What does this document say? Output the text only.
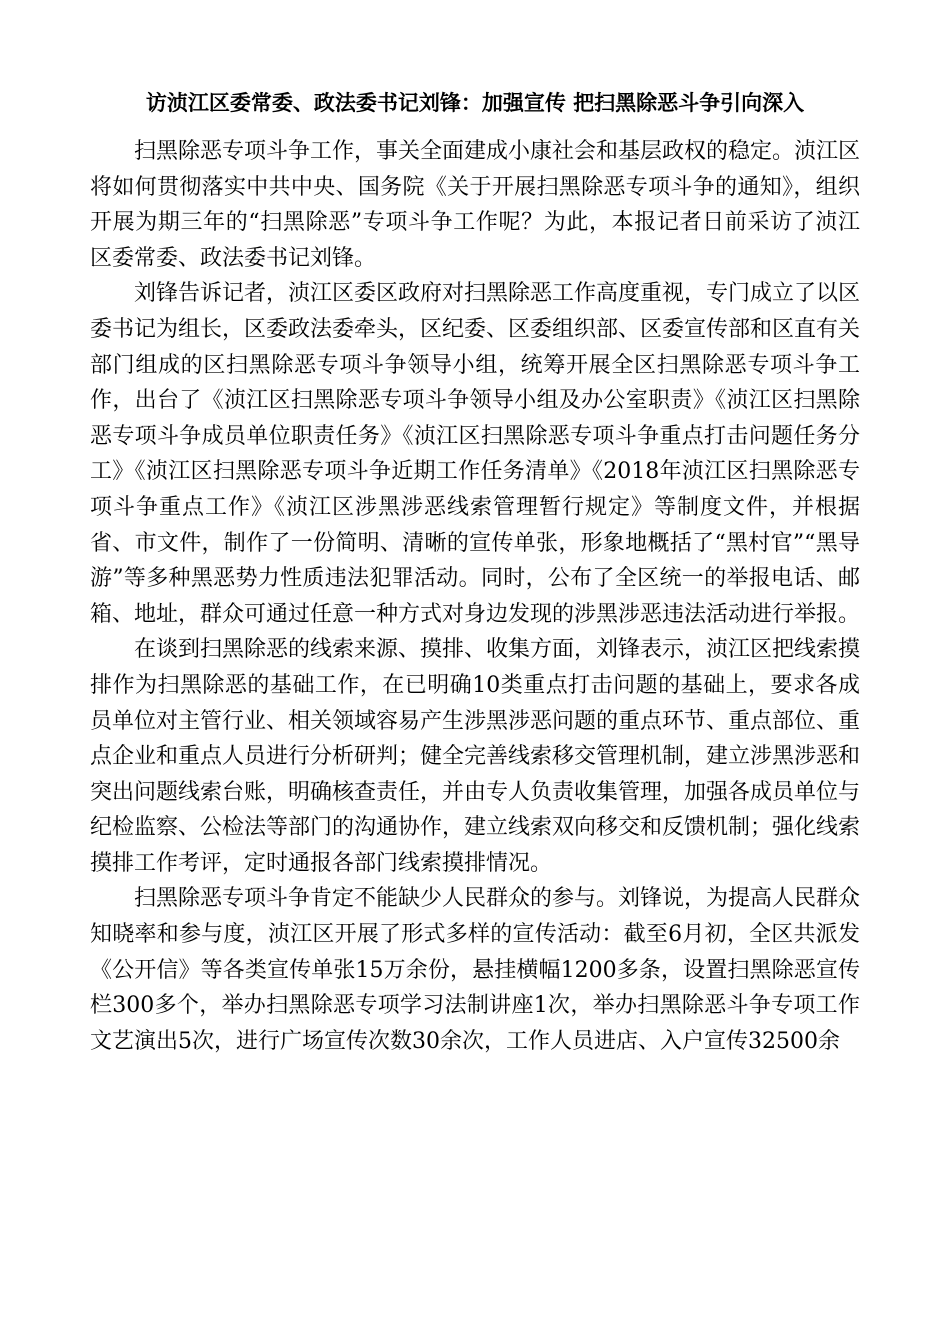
访浈江区委常委、政法委书记刘锋：加强宣传 把扫黑除恶斗争引向深入

扫黑除恶专项斗争工作，事关全面建成小康社会和基层政权的稳定。浈江区将如何贯彻落实中共中央、国务院《关于开展扫黑除恶专项斗争的通知》，组织开展为期三年的“扫黑除恶”专项斗争工作呢？为此，本报记者日前采访了浈江区委常委、政法委书记刘锋。

刘锋告诉记者，浈江区委区政府对扫黑除恶工作高度重视，专门成立了以区委书记为组长，区委政法委牵头，区纪委、区委组织部、区委宣传部和区直有关部门组成的区扫黑除恶专项斗争领导小组，统筹开展全区扫黑除恶专项斗争工作，出台了《浈江区扫黑除恶专项斗争领导小组及办公室职责》《浈江区扫黑除恶专项斗争成员单位职责任务》《浈江区扫黑除恶专项斗争重点打击问题任务分工》《浈江区扫黑除恶专项斗争近期工作任务清单》《2018年浈江区扫黑除恶专项斗争重点工作》《浈江区涉黑涉恶线索管理暂行规定》等制度文件，并根据省、市文件，制作了一份简明、清晰的宣传单张，形象地概括了“黑村官”“黑导游”等多种黑恶势力性质违法犯罪活动。同时，公布了全区统一的举报电话、邮箱、地址，群众可通过任意一种方式对身边发现的涉黑涉恶违法活动进行举报。

在谈到扫黑除恶的线索来源、摸排、收集方面，刘锋表示，浈江区把线索摸排作为扫黑除恶的基础工作，在已明确10类重点打击问题的基础上，要求各成员单位对主管行业、相关领域容易产生涉黑涉恶问题的重点环节、重点部位、重点企业和重点人员进行分析研判；健全完善线索移交管理机制，建立涉黑涉恶和突出问题线索台账，明确核查责任，并由专人负责收集管理，加强各成员单位与纪检监察、公检法等部门的沟通协作，建立线索双向移交和反馈机制；强化线索摸排工作考评，定时通报各部门线索摸排情况。

扫黑除恶专项斗争肯定不能缺少人民群众的参与。刘锋说，为提高人民群众知晓率和参与度，浈江区开展了形式多样的宣传活动：截至6月初，全区共派发《公开信》等各类宣传单张15万余份，悬挂横幅1200多条，设置扫黑除恶宣传栏300多个，举办扫黑除恶专项学习法制讲座1次，举办扫黑除恶斗争专项工作文艺演出5次，进行广场宣传次数30余次，工作人员进店、入户宣传32500余
